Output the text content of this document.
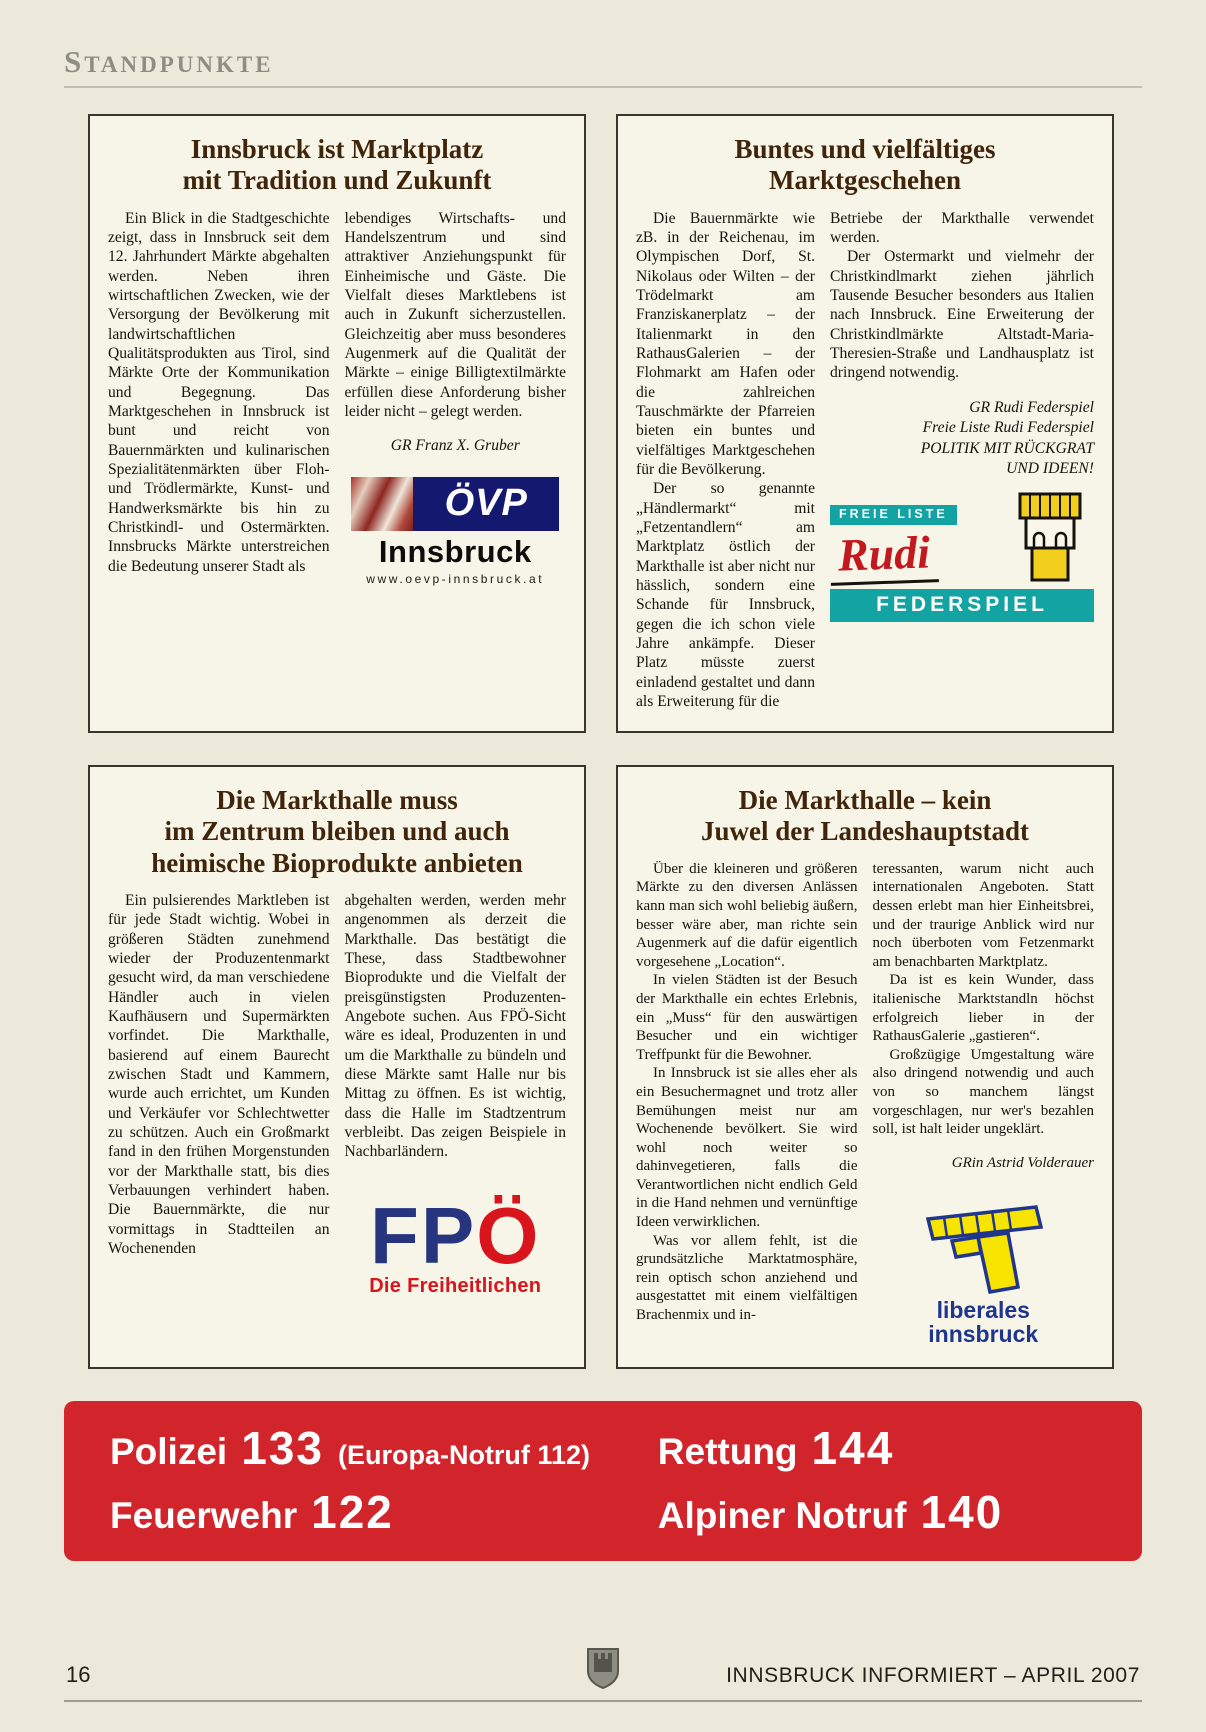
STANDPUNKTE

Innsbruck ist Marktplatz

mit Tradition und Zukunft

Ein Blick in die Stadtgeschichte zeigt, dass in Innsbruck seit dem 12. Jahrhundert Märkte abgehalten werden. Neben ihren wirtschaftlichen Zwecken, wie der Versorgung der Bevölkerung mit landwirtschaftlichen Qualitätsprodukten aus Tirol, sind Märkte Orte der Kommunikation und Begegnung. Das Marktgeschehen in Innsbruck ist bunt und reicht von Bauernmärkten und kulinarischen Spezialitätenmärkten über Floh- und Trödlermärkte, Kunst- und Handwerksmärkte bis hin zu Christkindl- und Ostermärkten. Innsbrucks Märkte unterstreichen die Bedeutung unserer Stadt als

lebendiges Wirtschafts- und Handelszentrum und sind attraktiver Anziehungspunkt für Einheimische und Gäste. Die Vielfalt dieses Marktlebens ist auch in Zukunft sicherzustellen. Gleichzeitig aber muss besonderes Augenmerk auf die Qualität der Märkte – einige Billigtextilmärkte erfüllen diese Anforderung bisher leider nicht – gelegt werden.

GR Franz X. Gruber

ÖVP
Innsbruck
www.oevp-innsbruck.at

Buntes und vielfältiges

Marktgeschehen

Die Bauernmärkte wie zB. in der Reichenau, im Olympischen Dorf, St. Nikolaus oder Wilten – der Trödelmarkt am Franziskanerplatz – der Italienmarkt in den RathausGalerien – der Flohmarkt am Hafen oder die zahlreichen Tauschmärkte der Pfarreien bieten ein buntes und vielfältiges Marktgeschehen für die Bevölkerung.

Der so genannte „Händlermarkt“ mit „Fetzentandlern“ am Marktplatz östlich der Markthalle ist aber nicht nur hässlich, sondern eine Schande für Innsbruck, gegen die ich schon viele Jahre ankämpfe. Dieser Platz müsste zuerst einladend gestaltet und dann als Erweiterung für die

Betriebe der Markthalle verwendet werden.

Der Ostermarkt und vielmehr der Christkindlmarkt ziehen jährlich Tausende Besucher besonders aus Italien nach Innsbruck. Eine Erweiterung der Christkindlmärkte Altstadt-Maria-Theresien-Straße und Landhausplatz ist dringend notwendig.

GR Rudi Federspiel

Freie Liste Rudi Federspiel

POLITIK MIT RÜCKGRAT

UND IDEEN!

FREIE LISTE
Rudi
FEDERSPIEL

Die Markthalle muss

im Zentrum bleiben und auch

heimische Bioprodukte anbieten

Ein pulsierendes Marktleben ist für jede Stadt wichtig. Wobei in größeren Städten zunehmend wieder der Produzentenmarkt gesucht wird, da man verschiedene Händler auch in vielen Kaufhäusern und Supermärkten vorfindet. Die Markthalle, basierend auf einem Baurecht zwischen Stadt und Kammern, wurde auch errichtet, um Kunden und Verkäufer vor Schlechtwetter zu schützen. Auch ein Großmarkt fand in den frühen Morgenstunden vor der Markthalle statt, bis dies Verbauungen verhindert haben. Die Bauernmärkte, die nur vormittags in Stadtteilen an Wochenenden

abgehalten werden, werden mehr angenommen als derzeit die Markthalle. Das bestätigt die These, dass Stadtbewohner Bioprodukte und die Vielfalt der preisgünstigsten Produzenten-Angebote suchen. Aus FPÖ-Sicht wäre es ideal, Produzenten in und um die Markthalle zu bündeln und diese Märkte samt Halle nur bis Mittag zu öffnen. Es ist wichtig, dass die Halle im Stadtzentrum verbleibt. Das zeigen Beispiele in Nachbarländern.

FPÖ
Die Freiheitlichen

Die Markthalle – kein

Juwel der Landeshauptstadt

Über die kleineren und größeren Märkte zu den diversen Anlässen kann man sich wohl beliebig äußern, besser wäre aber, man richte sein Augenmerk auf die dafür eigentlich vorgesehene „Location“.

In vielen Städten ist der Besuch der Markthalle ein echtes Erlebnis, ein „Muss“ für den auswärtigen Besucher und ein wichtiger Treffpunkt für die Bewohner.

In Innsbruck ist sie alles eher als ein Besuchermagnet und trotz aller Bemühungen meist nur am Wochenende bevölkert. Sie wird wohl noch weiter so dahinvegetieren, falls die Verantwortlichen nicht endlich Geld in die Hand nehmen und vernünftige Ideen verwirklichen.

Was vor allem fehlt, ist die grundsätzliche Marktatmosphäre, rein optisch schon anziehend und ausgestattet mit einem vielfältigen Brachenmix und in-

teressanten, warum nicht auch internationalen Angeboten. Statt dessen erlebt man hier Einheitsbrei, und der traurige Anblick wird nur noch überboten vom Fetzenmarkt am benachbarten Marktplatz.

Da ist es kein Wunder, dass italienische Marktstandln höchst erfolgreich lieber in der RathausGalerie „gastieren“.

Großzügige Umgestaltung wäre also dringend notwendig und auch von so manchem längst vorgeschlagen, nur wer's bezahlen soll, ist halt leider ungeklärt.

GRin Astrid Volderauer

liberales
innsbruck
Polizei 133 (Europa-Notruf 112)
Feuerwehr 122
Rettung 144
Alpiner Notruf 140
16	INNSBRUCK INFORMIERT – APRIL 2007
